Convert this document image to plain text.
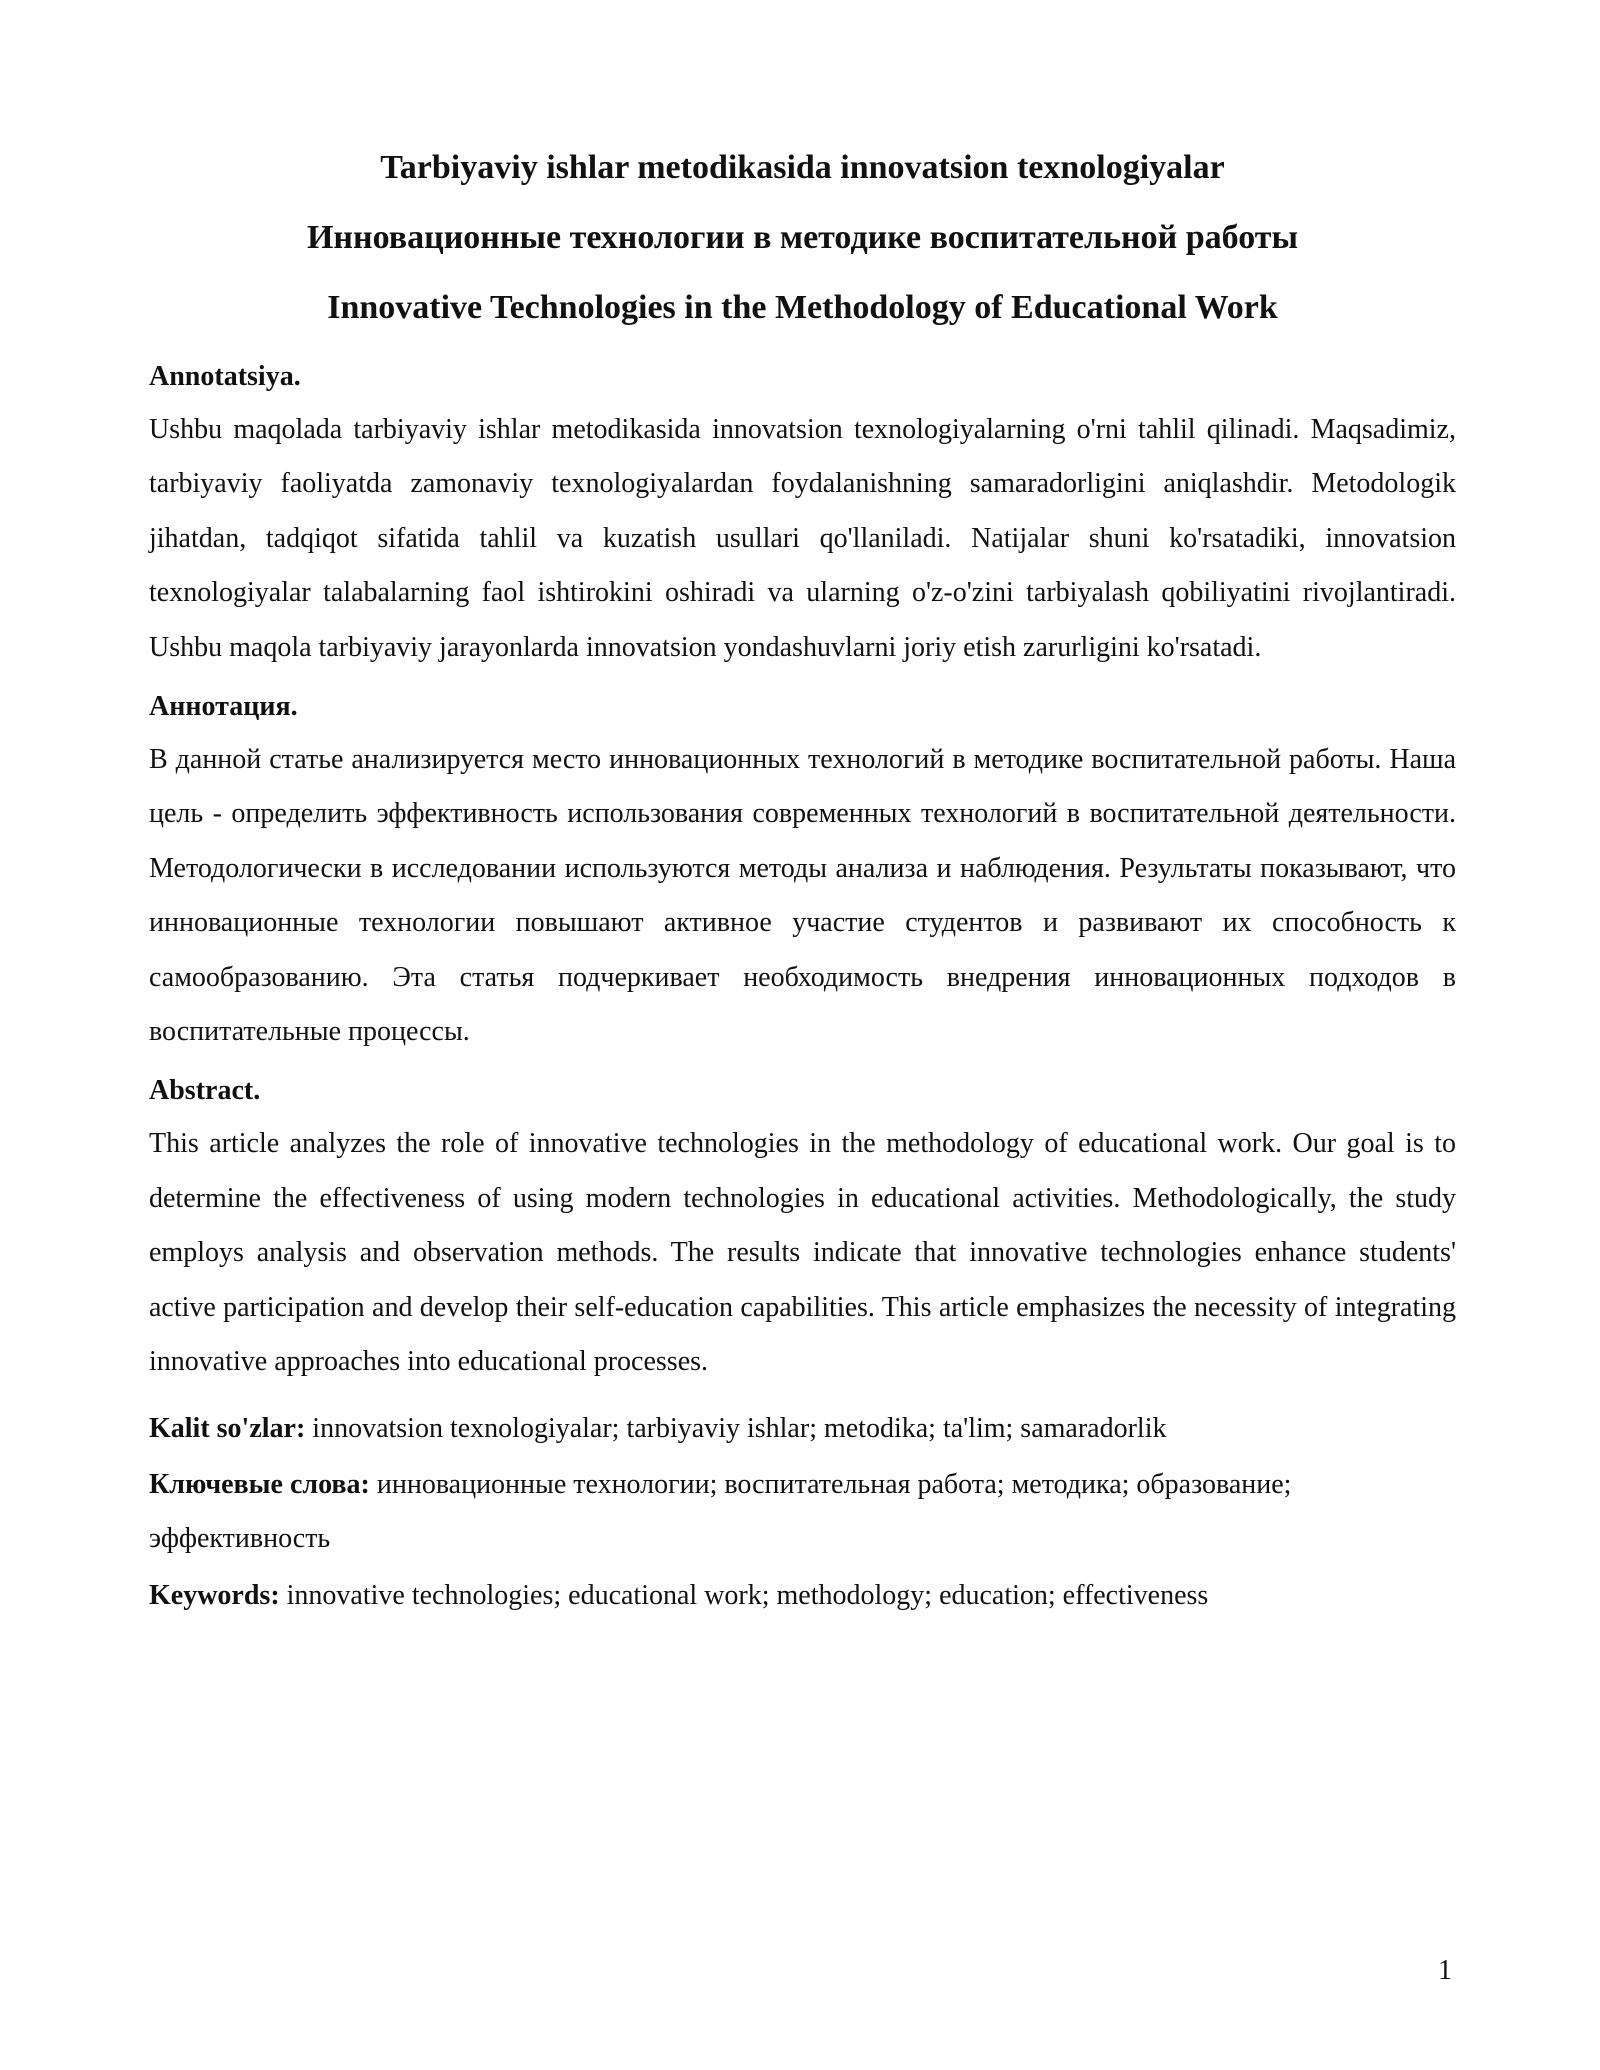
Tarbiyaviy ishlar metodikasida innovatsion texnologiyalar
Инновационные технологии в методике воспитательной работы
Innovative Technologies in the Methodology of Educational Work
Annotatsiya.

Ushbu maqolada tarbiyaviy ishlar metodikasida innovatsion texnologiyalarning o'rni tahlil qilinadi. Maqsadimiz, tarbiyaviy faoliyatda zamonaviy texnologiyalardan foydalanishning samaradorligini aniqlashdir. Metodologik jihatdan, tadqiqot sifatida tahlil va kuzatish usullari qo'llaniladi. Natijalar shuni ko'rsatadiki, innovatsion texnologiyalar talabalarning faol ishtirokini oshiradi va ularning o'z-o'zini tarbiyalash qobiliyatini rivojlantiradi. Ushbu maqola tarbiyaviy jarayonlarda innovatsion yondashuvlarni joriy etish zarurligini ko'rsatadi.

Аннотация.

В данной статье анализируется место инновационных технологий в методике воспитательной работы. Наша цель - определить эффективность использования современных технологий в воспитательной деятельности. Методологически в исследовании используются методы анализа и наблюдения. Результаты показывают, что инновационные технологии повышают активное участие студентов и развивают их способность к самообразованию. Эта статья подчеркивает необходимость внедрения инновационных подходов в воспитательные процессы.

Abstract.

This article analyzes the role of innovative technologies in the methodology of educational work. Our goal is to determine the effectiveness of using modern technologies in educational activities. Methodologically, the study employs analysis and observation methods. The results indicate that innovative technologies enhance students' active participation and develop their self-education capabilities. This article emphasizes the necessity of integrating innovative approaches into educational processes.

Kalit so'zlar: innovatsion texnologiyalar; tarbiyaviy ishlar; metodika; ta'lim; samaradorlik

Ключевые слова: инновационные технологии; воспитательная работа; методика; образование; эффективность

Keywords: innovative technologies; educational work; methodology; education; effectiveness

1
